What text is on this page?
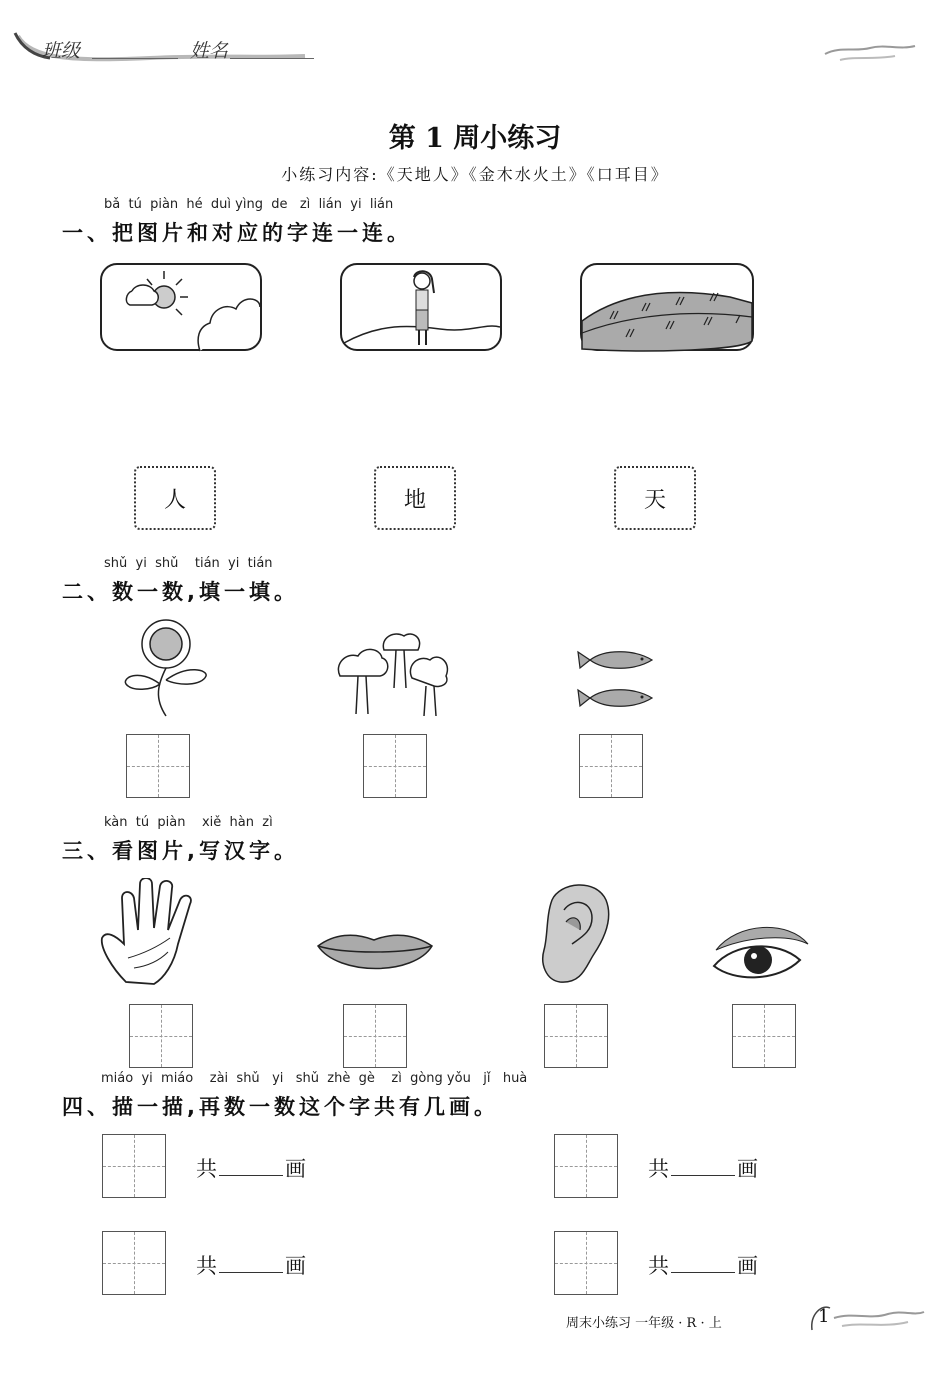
班级	姓名
第 1 周小练习
小练习内容:《天地人》《金木水火土》《口耳目》
bǎ  tú  piàn  hé  duì yìng  de   zì  lián  yi  lián
一、把图片和对应的字连一连。
人	地	天
shǔ  yi  shǔ    tián  yi  tián
二、数一数,填一填。
kàn  tú  piàn    xiě  hàn  zì
三、看图片,写汉字。
miáo  yi  miáo    zài  shǔ   yi   shǔ  zhè  gè    zì  gòng yǒu   jǐ   huà
四、描一描,再数一数这个字共有几画。
共	画	共	画
共	画	共	画
周末小练习 一年级 · R · 上	1
